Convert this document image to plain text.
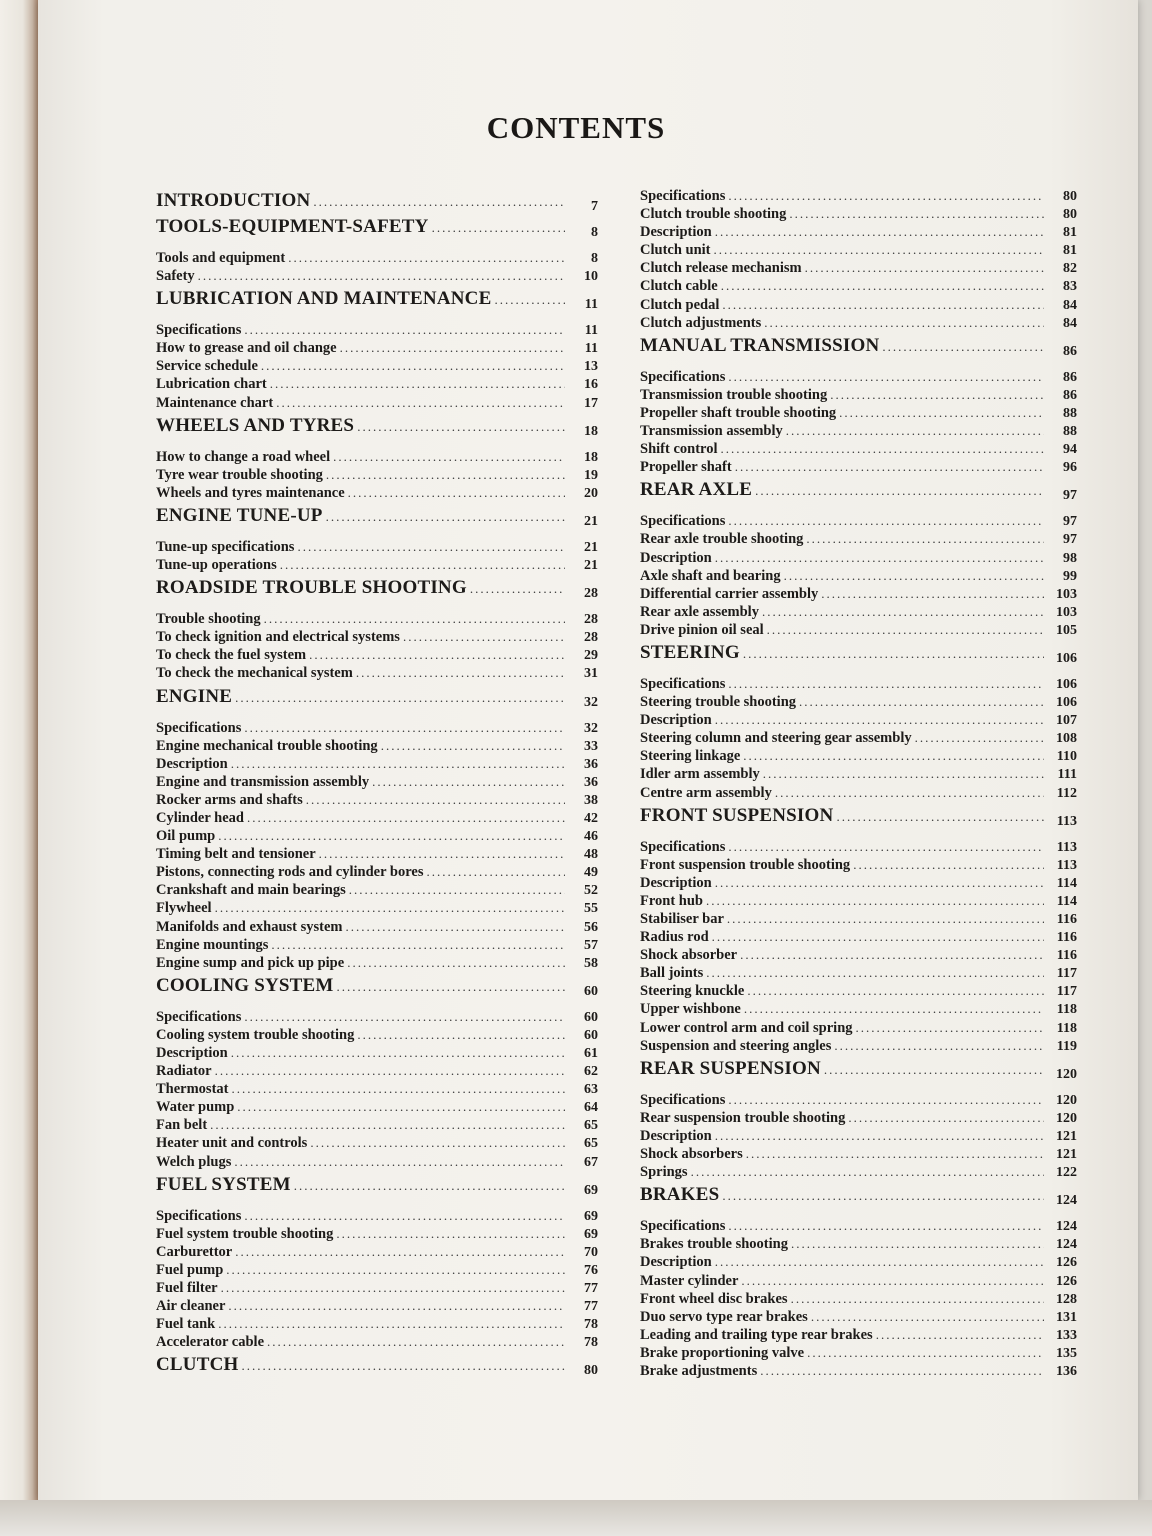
CONTENTS
INTRODUCTION .....	7
TOOLS-EQUIPMENT-SAFETY .....	8
Tools and equipment .....	8
Safety .....	10
LUBRICATION AND MAINTENANCE .....	11
Specifications .....	11
How to grease and oil change .....	11
Service schedule .....	13
Lubrication chart .....	16
Maintenance chart .....	17
WHEELS AND TYRES .....	18
How to change a road wheel .....	18
Tyre wear trouble shooting .....	19
Wheels and tyres maintenance .....	20
ENGINE TUNE-UP .....	21
Tune-up specifications .....	21
Tune-up operations .....	21
ROADSIDE TROUBLE SHOOTING .....	28
Trouble shooting .....	28
To check ignition and electrical systems .....	28
To check the fuel system .....	29
To check the mechanical system .....	31
ENGINE .....	32
Specifications .....	32
Engine mechanical trouble shooting .....	33
Description .....	36
Engine and transmission assembly .....	36
Rocker arms and shafts .....	38
Cylinder head .....	42
Oil pump .....	46
Timing belt and tensioner .....	48
Pistons, connecting rods and cylinder bores .....	49
Crankshaft and main bearings .....	52
Flywheel .....	55
Manifolds and exhaust system .....	56
Engine mountings .....	57
Engine sump and pick up pipe .....	58
COOLING SYSTEM .....	60
Specifications .....	60
Cooling system trouble shooting .....	60
Description .....	61
Radiator .....	62
Thermostat .....	63
Water pump .....	64
Fan belt .....	65
Heater unit and controls .....	65
Welch plugs .....	67
FUEL SYSTEM .....	69
Specifications .....	69
Fuel system trouble shooting .....	69
Carburettor .....	70
Fuel pump .....	76
Fuel filter .....	77
Air cleaner .....	77
Fuel tank .....	78
Accelerator cable .....	78
CLUTCH .....	80
Specifications .....	80
Clutch trouble shooting .....	80
Description .....	81
Clutch unit .....	81
Clutch release mechanism .....	82
Clutch cable .....	83
Clutch pedal .....	84
Clutch adjustments .....	84
MANUAL TRANSMISSION .....	86
Specifications .....	86
Transmission trouble shooting .....	86
Propeller shaft trouble shooting .....	88
Transmission assembly .....	88
Shift control .....	94
Propeller shaft .....	96
REAR AXLE .....	97
Specifications .....	97
Rear axle trouble shooting .....	97
Description .....	98
Axle shaft and bearing .....	99
Differential carrier assembly .....	103
Rear axle assembly .....	103
Drive pinion oil seal .....	105
STEERING .....	106
Specifications .....	106
Steering trouble shooting .....	106
Description .....	107
Steering column and steering gear assembly .....	108
Steering linkage .....	110
Idler arm assembly .....	111
Centre arm assembly .....	112
FRONT SUSPENSION .....	113
Specifications .....	113
Front suspension trouble shooting .....	113
Description .....	114
Front hub .....	114
Stabiliser bar .....	116
Radius rod .....	116
Shock absorber .....	116
Ball joints .....	117
Steering knuckle .....	117
Upper wishbone .....	118
Lower control arm and coil spring .....	118
Suspension and steering angles .....	119
REAR SUSPENSION .....	120
Specifications .....	120
Rear suspension trouble shooting .....	120
Description .....	121
Shock absorbers .....	121
Springs .....	122
BRAKES .....	124
Specifications .....	124
Brakes trouble shooting .....	124
Description .....	126
Master cylinder .....	126
Front wheel disc brakes .....	128
Duo servo type rear brakes .....	131
Leading and trailing type rear brakes .....	133
Brake proportioning valve .....	135
Brake adjustments .....	136
